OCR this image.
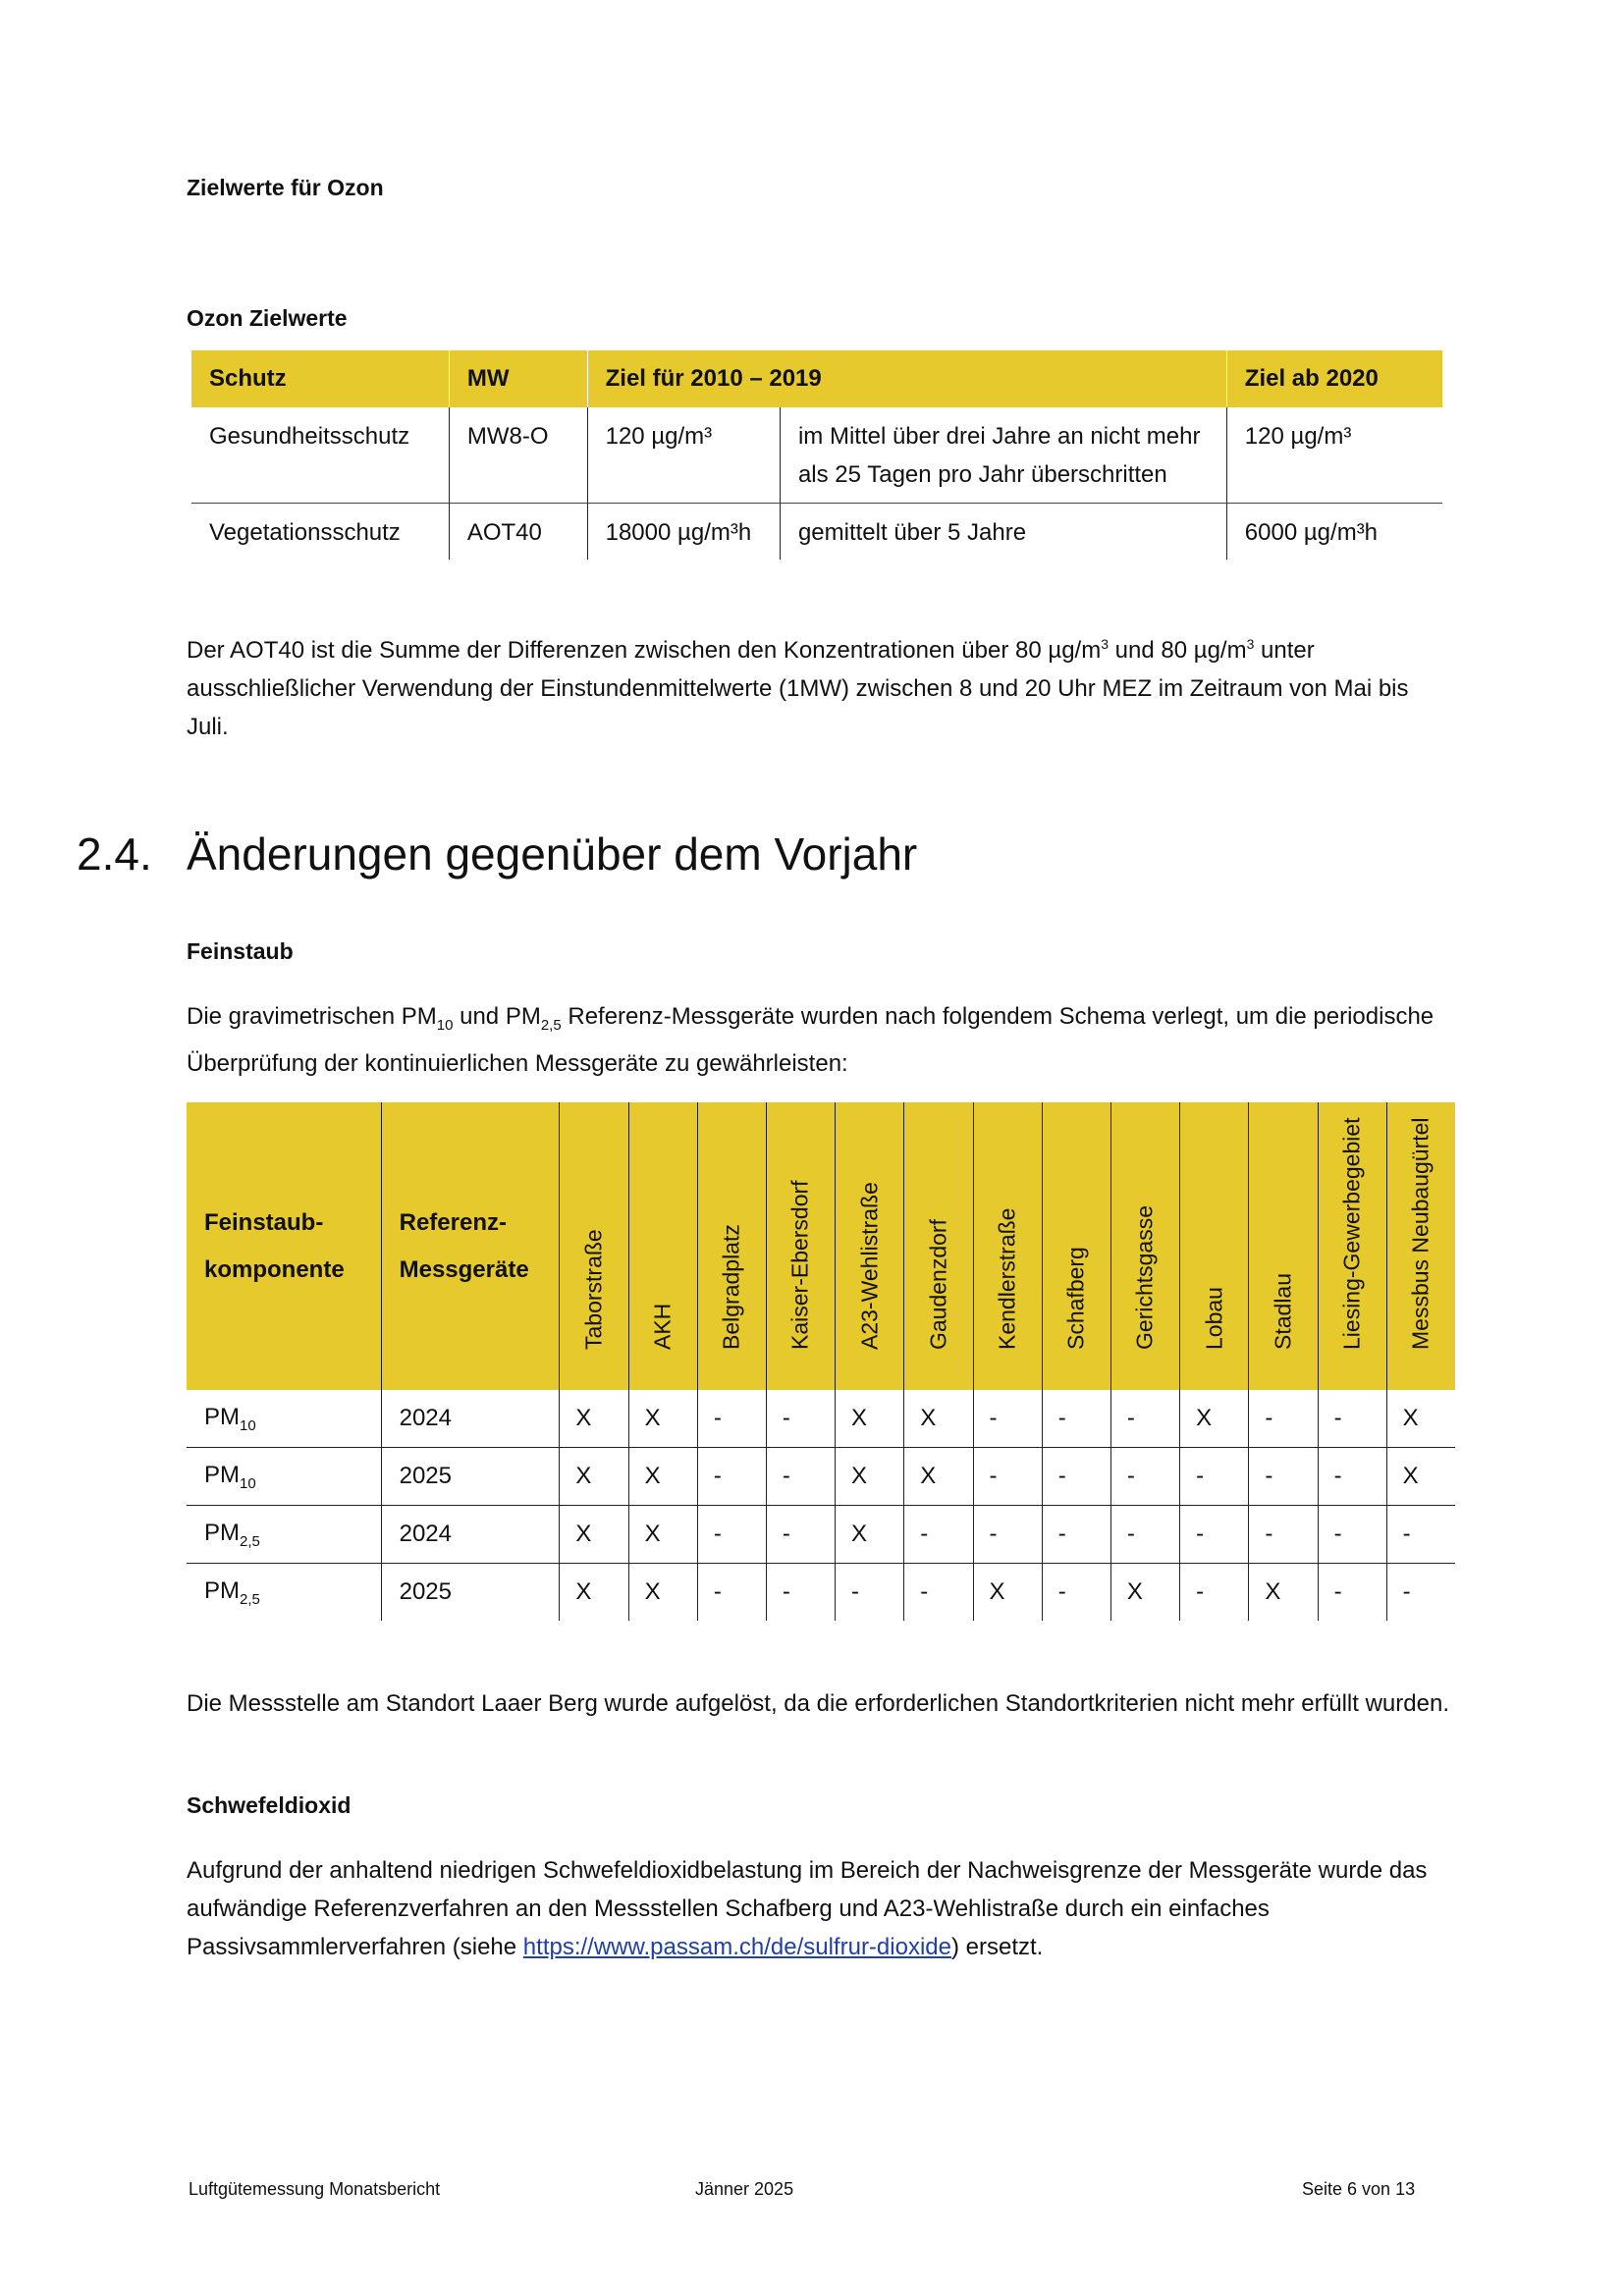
Zielwerte für Ozon
Ozon Zielwerte
Schutz	MW	Ziel für 2010 – 2019		Ziel ab 2020
Gesundheitsschutz	MW8-O	120 µg/m³	im Mittel über drei Jahre an nicht mehr als 25 Tagen pro Jahr überschritten	120 µg/m³
Vegetationsschutz	AOT40	18000 µg/m³h	gemittelt über 5 Jahre	6000 µg/m³h
Der AOT40 ist die Summe der Differenzen zwischen den Konzentrationen über 80 $\mu g/m^3$ und 80 $\mu g/m^3$ unter ausschließlicher Verwendung der Einstundenmittelwerte (1MW) zwischen 8 und 20 Uhr MEZ im Zeitraum von Mai bis Juli.
2.4. Änderungen gegenüber dem Vorjahr
Feinstaub
Die gravimetrischen $PM_{10}$ und $PM_{2,5}$ Referenz-Messgeräte wurden nach folgendem Schema verlegt, um die periodische Überprüfung der kontinuierlichen Messgeräte zu gewährleisten:
Feinstaub-komponente	Referenz-Messgeräte	Taborstraße	AKH	Belgradplatz	Kaiser-Ebersdorf	A23-Wehlistraße	Gaudenzdorf	Kendlerstraße	Schafberg	Gerichtsgasse	Lobau	Stadlau	Liesing-Gewerbegebiet	Messbus Neubaugürtel

$PM_{10}$	2024	X	X	-	-	X	X	-	-	-	X	-	-	X
$PM_{10}$	2025	X	X	-	-	X	X	-	-	-	-	-	-	X
$PM_{2,5}$	2024	X	X	-	-	X	-	-	-	-	-	-	-	-
$PM_{2,5}$	2025	X	X	-	-	-	-	X	-	X	-	X	-	-
Die Messstelle am Standort Laaer Berg wurde aufgelöst, da die erforderlichen Standortkriterien nicht mehr erfüllt wurden.
Schwefeldioxid
Aufgrund der anhaltend niedrigen Schwefeldioxidbelastung im Bereich der Nachweisgrenze der Messgeräte wurde das aufwändige Referenzverfahren an den Messstellen Schafberg und A23-Wehlistraße durch ein einfaches Passivsammlerverfahren (siehe https://www.passam.ch/de/sulfrur-dioxide) ersetzt.
Luftgütemessung Monatsbericht	Jänner 2025	Seite 6 von 13
